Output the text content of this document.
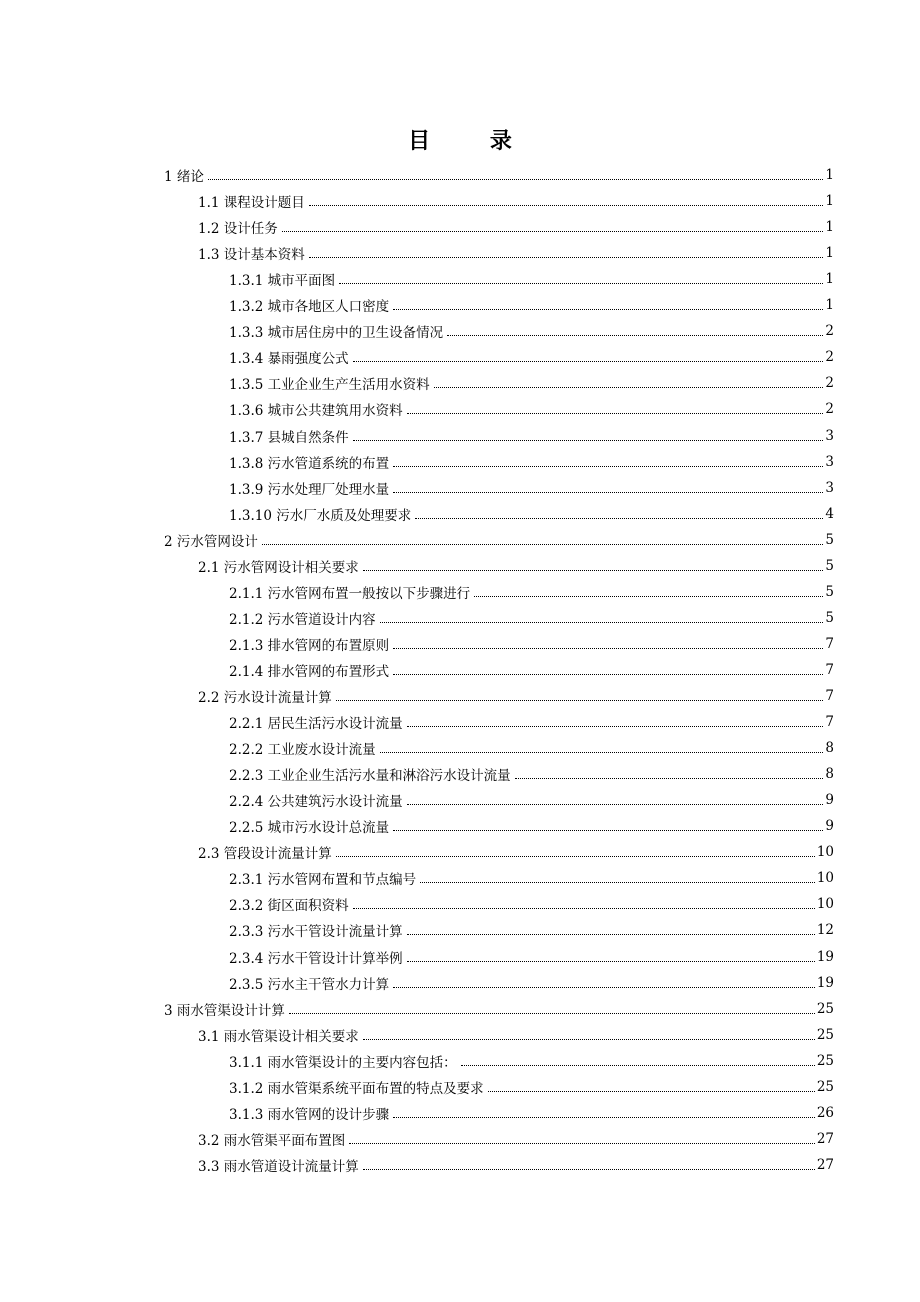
目 录
1 绪论	1
1.1 课程设计题目	1
1.2 设计任务	1
1.3 设计基本资料	1
1.3.1 城市平面图	1
1.3.2 城市各地区人口密度	1
1.3.3 城市居住房中的卫生设备情况	2
1.3.4 暴雨强度公式	2
1.3.5 工业企业生产生活用水资料	2
1.3.6 城市公共建筑用水资料	2
1.3.7 县城自然条件	3
1.3.8 污水管道系统的布置	3
1.3.9 污水处理厂处理水量	3
1.3.10 污水厂水质及处理要求	4
2 污水管网设计	5
2.1 污水管网设计相关要求	5
2.1.1 污水管网布置一般按以下步骤进行	5
2.1.2 污水管道设计内容	5
2.1.3 排水管网的布置原则	7
2.1.4 排水管网的布置形式	7
2.2 污水设计流量计算	7
2.2.1 居民生活污水设计流量	7
2.2.2 工业废水设计流量	8
2.2.3 工业企业生活污水量和淋浴污水设计流量	8
2.2.4 公共建筑污水设计流量	9
2.2.5 城市污水设计总流量	9
2.3 管段设计流量计算	10
2.3.1 污水管网布置和节点编号	10
2.3.2 街区面积资料	10
2.3.3 污水干管设计流量计算	12
2.3.4 污水干管设计计算举例	19
2.3.5 污水主干管水力计算	19
3 雨水管渠设计计算	25
3.1 雨水管渠设计相关要求	25
3.1.1 雨水管渠设计的主要内容包括：	25
3.1.2 雨水管渠系统平面布置的特点及要求	25
3.1.3 雨水管网的设计步骤	26
3.2 雨水管渠平面布置图	27
3.3 雨水管道设计流量计算	27
